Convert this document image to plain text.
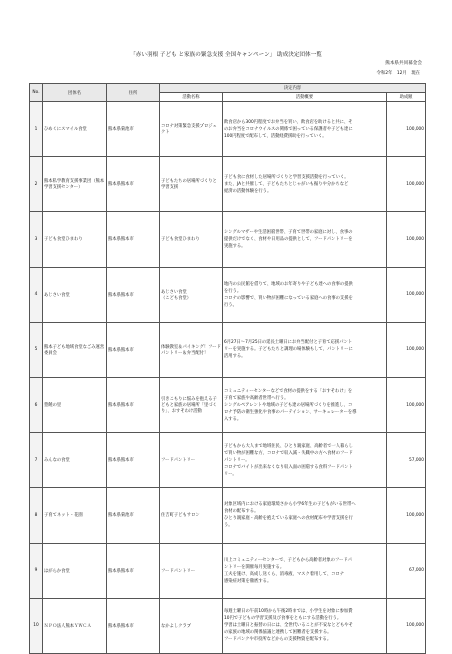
「赤い羽根 子ども と家族の緊急支援 全国キャンペーン」 助成決定団体一覧
熊本県共同募金会
令和2年　12月　現在
No.	団体名	住所	決定内容		
			活動名称	活動概要	助成額
1	ひめくにスマイル食堂	熊本県菊池市	コロナ対策緊急支援プロジェクト	飲食店から300円程度でお弁当を買い、飲食店を助けると共に、そ
のお弁当をコロナウイルスの関係で困っている保護者や子ども達に
100円程度で配布して、活動経費援助を行っていく。	100,000
2	熊本私学教育支援事業団（熊本学習支援センター）	熊本県熊本市	子どもたちの居場所づくりと学習支援	子ども食に食材した居場所づくりと学習支援活動を行っていく。
また、JAと共催して、子どもたちとじゃがいも掘りや分かちなど
経済の活動体験を行う。	100,000
3	子ども食堂ひまわり	熊本県熊本市	子ども食堂ひまわり	シングルマザーや生活困窮世帯、子育て世帯の家庭に対し、食事の
提供だけでなく、食材や日用品の提供として、フードパントリーを
実施する。	100,000
4	あじさい食堂	熊本県熊本市	あじさい食堂
（こども食堂）	地内の公民館を借りて、地域のお年寄りや子ども達への食事の提供
を行う。
コロナの影響で、買い物が困難になっている家庭への食事の支援を
行う。	100,000
5	熊本子ども地域食堂なごみ運営委員会	熊本県熊本市	体験教室＆パイキング！フードパントリー＆弁当配付！	6月27日〜7月25日の延長土曜日にお弁当配付と子育て応援パント
リーを実施する。子どもたちと調理の場体験もして、パントリーに
活用する。	100,000
6	豊饒の里	熊本県熊本市	引きこもりに悩みを抱える子どもと家族の居場所「里づくり」、おすそわけ活動	コミュニティーセンターなどで食材の提供をする「おすそわけ」を
子育て家族や高齢者世帯へ行う。
シングルペアレントや地域の子ども達の居場所づくりを推進し、コ
ロナ予防の衛生強化や食事のパーテイション、サーキュレーターを導
入する。	100,000
7	みんなの食堂	熊本県熊本市	フードパントリー	子どもから大人まで地域住民、ひとり親家庭、高齢者で一人暮らし
で買い物が困難な方、コロナで収入減・失職中の方へ食材のフード
パントリー。
コロナでバイトが出来なくなり収入面の困窮する食料フードパント
リー。	57,000
8	子育てネット・花園	熊本県菊池市	住吉町子どもサロン	対象区域内における家庭環境さから小学6年生の子どもがいる世帯へ
食材の配布する。
ひとり親家庭・高齢を抱えている家庭への食材配布や学習支援を行
う。	100,000
9	はがらか食堂	熊本県熊本市	フードパントリー	川上コミュニティーセンターで、子どもから高齢者対象のフードパ
ントリーを開催毎月実施する。
工夫を施け、高成し送くら、消毒液、マスク着用して、コロナ
感染症対策を徹底する。	67,000
10	ＮＰＯ法人熊本ＹＷＣＡ	熊本県熊本市	なかよしクラブ	毎週土曜日の午前10時から午後2時までは、小学生を対象に参加費
10円で子どもの学習支援及び食事をともにする活動を行う。
学習は土曜日と振替の日には、全世代いることが不安なとどもやそ
の家族の地域の関係協議と連携して困難者を支援する。
フードパンクや市役所などからの支援物資を配布する。	100,000
